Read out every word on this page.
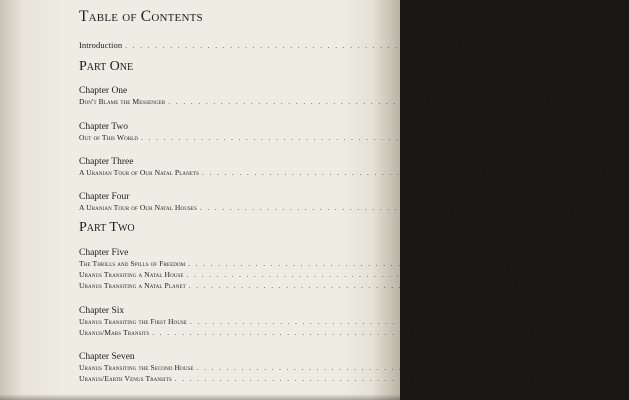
Table of Contents
Introduction . . . . . . . . . . . . . . . . . . . . . . . . . . . . . . . . . . . . . . . . . . . . . . . . . . . . . . . . 1
Part One
Chapter One
Don't Blame the Messenger . . . . . . . . . . . . . . . . . . . . . . . . . . . . . . . . . . . . . . . . . . . . . . . . . . . . . . . . 15
Chapter Two
Out of This World . . . . . . . . . . . . . . . . . . . . . . . . . . . . . . . . . . . . . . . . . . . . . . . . . . . . . . . . 23
Chapter Three
A Uranian Tour of Our Natal Planets . . . . . . . . . . . . . . . . . . . . . . . . . . . . . . . . . . . . . . . . . . . . . . . . . . . . . . . . 33
Chapter Four
A Uranian Tour of Our Natal Houses . . . . . . . . . . . . . . . . . . . . . . . . . . . . . . . . . . . . . . . . . . . . . . . . . . . . . . . . 57
Part Two
Chapter Five
The Thrills and Spills of Freedom . . . . . . . . . . . . . . . . . . . . . . . . . . . . . . . . . . . . . . . . . . . . . . . . . . . . . . . . 83
Uranus Transiting a Natal House . . . . . . . . . . . . . . . . . . . . . . . . . . . . . . . . . . . . . . . . . . . . . . . . . . . . . . . . 89
Uranus Transiting a Natal Planet . . . . . . . . . . . . . . . . . . . . . . . . . . . . . . . . . . . . . . . . . . . . . . . . . . . . . . . . 91
Chapter Six
Uranus Transiting the First House . . . . . . . . . . . . . . . . . . . . . . . . . . . . . . . . . . . . . . . . . . . . . . . . . . . . . . . . 95
Uranus/Mars Transits . . . . . . . . . . . . . . . . . . . . . . . . . . . . . . . . . . . . . . . . . . . . . . . . . . . . . . . . 102
Chapter Seven
Uranus Transiting the Second House . . . . . . . . . . . . . . . . . . . . . . . . . . . . . . . . . . . . . . . . . . . . . . . . . . . . . . . . 111
Uranus/Earth Venus Transits . . . . . . . . . . . . . . . . . . . . . . . . . . . . . . . . . . . . . . . . . . . . . . . . . . . . . . . . 119
